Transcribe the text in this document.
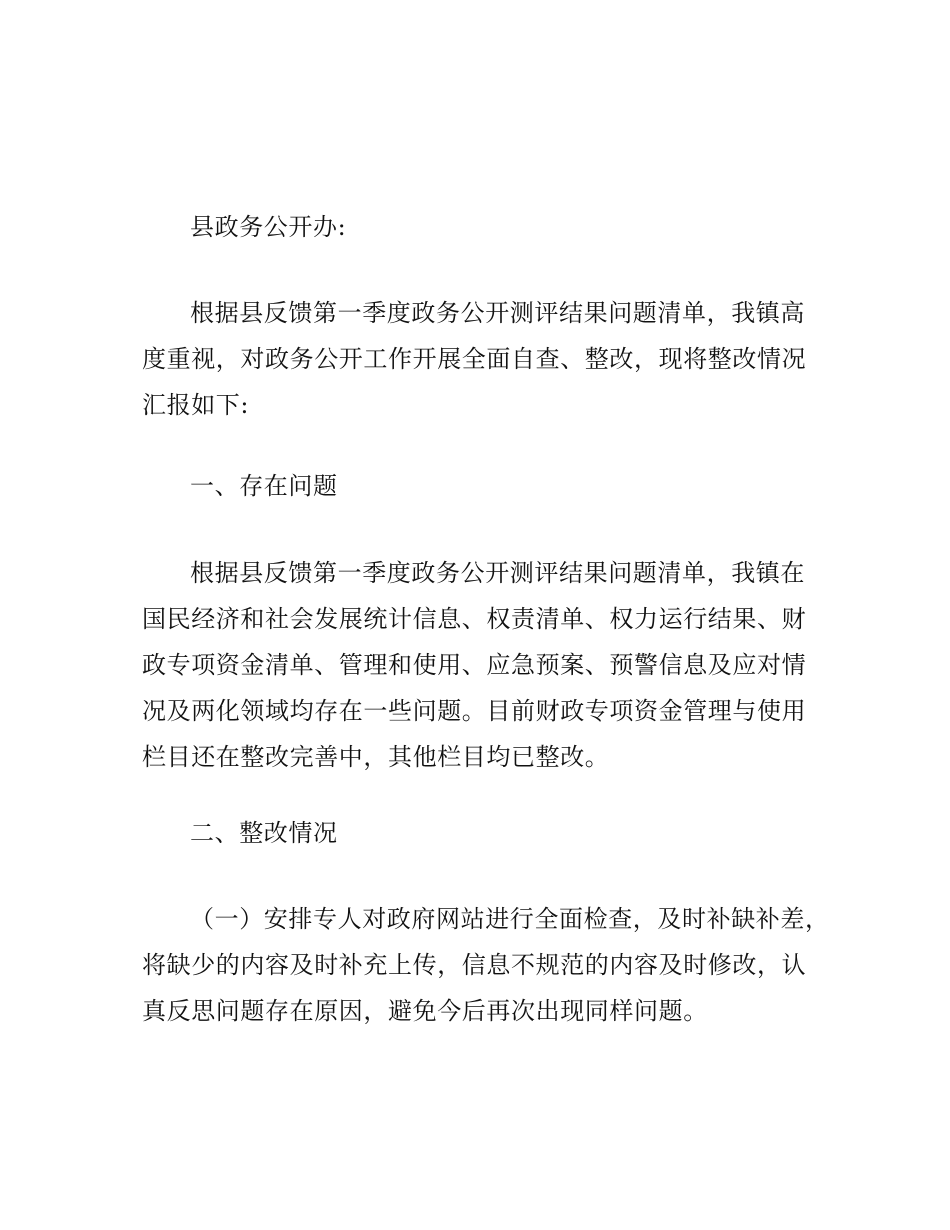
县政务公开办:

根据县反馈第一季度政务公开测评结果问题清单，我镇高
度重视，对政务公开工作开展全面自查、整改，现将整改情况
汇报如下:

一、存在问题

根据县反馈第一季度政务公开测评结果问题清单，我镇在
国民经济和社会发展统计信息、权责清单、权力运行结果、财
政专项资金清单、管理和使用、应急预案、预警信息及应对情
况及两化领域均存在一些问题。目前财政专项资金管理与使用
栏目还在整改完善中，其他栏目均已整改。

二、整改情况

（一）安排专人对政府网站进行全面检查，及时补缺补差，
将缺少的内容及时补充上传，信息不规范的内容及时修改，认
真反思问题存在原因，避免今后再次出现同样问题。
